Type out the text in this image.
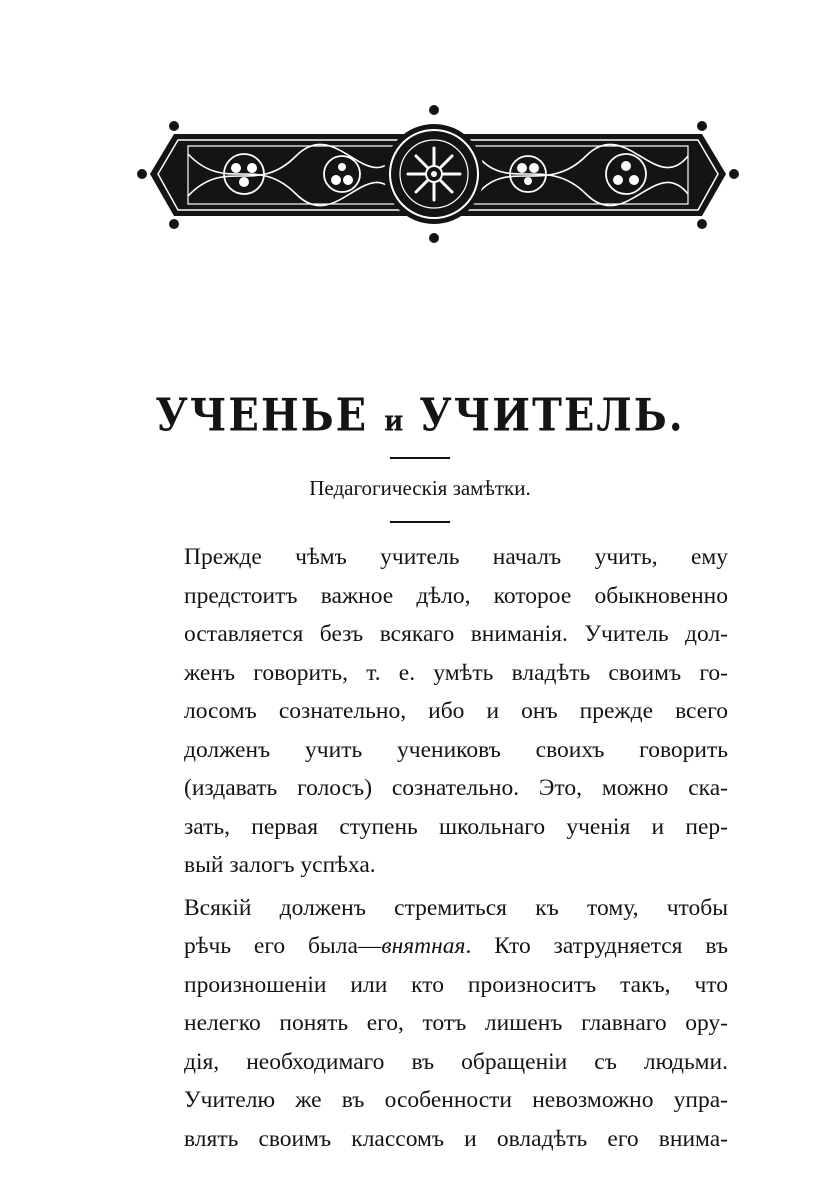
УЧЕНЬЕ и УЧИТЕЛЬ.
Педагогическія замѣтки.

Прежде чѣмъ учитель началъ учить, ему
предстоитъ важное дѣло, которое обыкновенно
оставляется безъ всякаго вниманія. Учитель дол-
женъ говорить, т. е. умѣть владѣть своимъ го-
лосомъ сознательно, ибо и онъ прежде всего
долженъ учить учениковъ своихъ говорить
(издавать голосъ) сознательно. Это, можно ска-
зать, первая ступень школьнаго ученія и пер-
вый залогъ успѣха.

Всякій долженъ стремиться къ тому, чтобы
рѣчь его была—внятная. Кто затрудняется въ
произношеніи или кто произноситъ такъ, что
нелегко понять его, тотъ лишенъ главнаго ору-
дія, необходимаго въ обращеніи съ людьми.
Учителю же въ особенности невозможно упра-
влять своимъ классомъ и овладѣть его внима-
